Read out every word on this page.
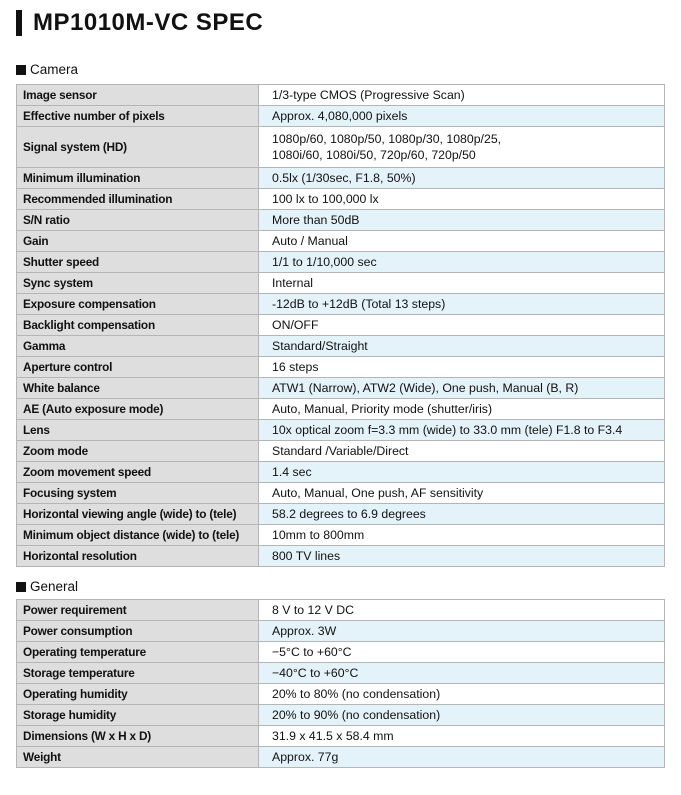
MP1010M-VC SPEC
Camera
Image sensor	1/3-type CMOS (Progressive Scan)
Effective number of pixels	Approx. 4,080,000 pixels
Signal system (HD)	1080p/60, 1080p/50, 1080p/30, 1080p/25,
1080i/60, 1080i/50, 720p/60, 720p/50

Minimum illumination	0.5lx (1/30sec, F1.8, 50%)
Recommended illumination	100 lx to 100,000 lx
S/N ratio	More than 50dB
Gain	Auto / Manual
Shutter speed	1/1 to 1/10,000 sec
Sync system	Internal
Exposure compensation	-12dB to +12dB (Total 13 steps)
Backlight compensation	ON/OFF
Gamma	Standard/Straight
Aperture control	16 steps
White balance	ATW1 (Narrow), ATW2 (Wide), One push, Manual (B, R)
AE (Auto exposure mode)	Auto, Manual, Priority mode (shutter/iris)
Lens	10x optical zoom f=3.3 mm (wide) to 33.0 mm (tele) F1.8 to F3.4
Zoom mode	Standard /Variable/Direct
Zoom movement speed	1.4 sec
Focusing system	Auto, Manual, One push, AF sensitivity
Horizontal viewing angle (wide) to (tele)	58.2 degrees to 6.9 degrees
Minimum object distance (wide) to (tele)	10mm to 800mm
Horizontal resolution	800 TV lines
General
Power requirement	8 V to 12 V DC
Power consumption	Approx. 3W
Operating temperature	−5°C to +60°C
Storage temperature	−40°C to +60°C
Operating humidity	20% to 80% (no condensation)
Storage humidity	20% to 90% (no condensation)
Dimensions (W x H x D)	31.9 x 41.5 x 58.4 mm
Weight	Approx. 77g
